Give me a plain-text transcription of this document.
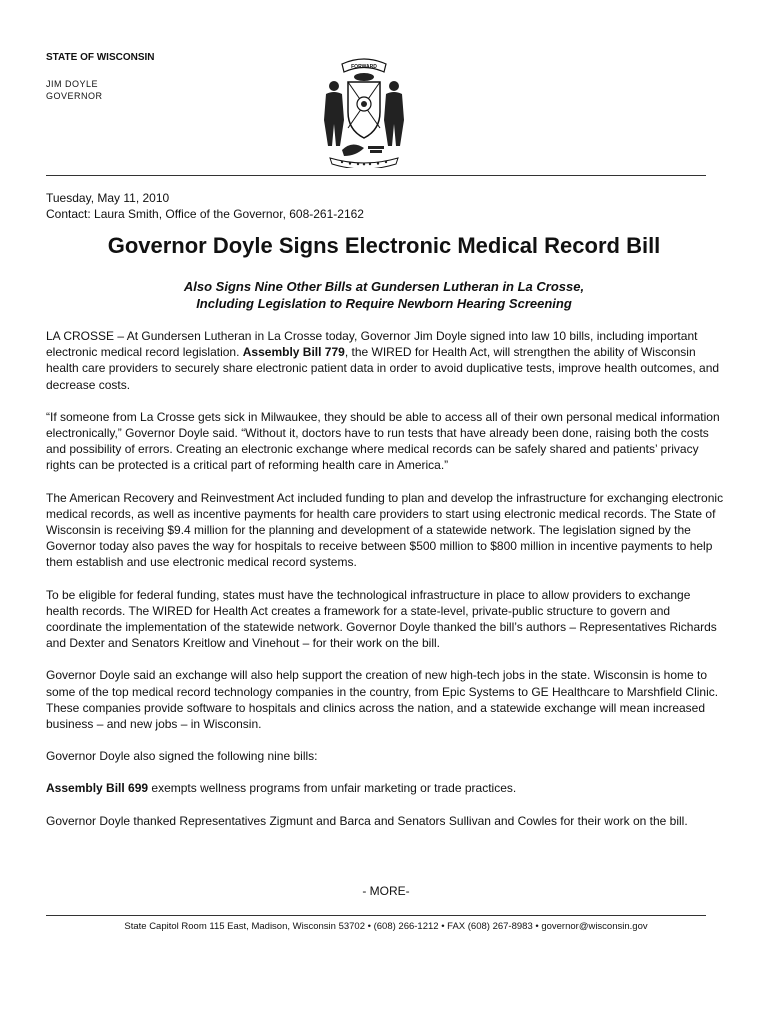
STATE OF WISCONSIN
JIM DOYLE
GOVERNOR
FORWARD
Tuesday, May 11, 2010
Contact: Laura Smith, Office of the Governor, 608-261-2162
Governor Doyle Signs Electronic Medical Record Bill
Also Signs Nine Other Bills at Gundersen Lutheran in La Crosse,
Including Legislation to Require Newborn Hearing Screening

LA CROSSE – At Gundersen Lutheran in La Crosse today, Governor Jim Doyle signed into law 10 bills, including important electronic medical record legislation. Assembly Bill 779, the WIRED for Health Act, will strengthen the ability of Wisconsin health care providers to securely share electronic patient data in order to avoid duplicative tests, improve health outcomes, and decrease costs.

“If someone from La Crosse gets sick in Milwaukee, they should be able to access all of their own personal medical information electronically,” Governor Doyle said. “Without it, doctors have to run tests that have already been done, raising both the costs and possibility of errors. Creating an electronic exchange where medical records can be safely shared and patients’ privacy rights can be protected is a critical part of reforming health care in America.”

The American Recovery and Reinvestment Act included funding to plan and develop the infrastructure for exchanging electronic medical records, as well as incentive payments for health care providers to start using electronic medical records. The State of Wisconsin is receiving $9.4 million for the planning and development of a statewide network. The legislation signed by the Governor today also paves the way for hospitals to receive between $500 million to $800 million in incentive payments to help them establish and use electronic medical record systems.

To be eligible for federal funding, states must have the technological infrastructure in place to allow providers to exchange health records. The WIRED for Health Act creates a framework for a state-level, private-public structure to govern and coordinate the implementation of the statewide network. Governor Doyle thanked the bill’s authors – Representatives Richards and Dexter and Senators Kreitlow and Vinehout – for their work on the bill.

Governor Doyle said an exchange will also help support the creation of new high-tech jobs in the state. Wisconsin is home to some of the top medical record technology companies in the country, from Epic Systems to GE Healthcare to Marshfield Clinic. These companies provide software to hospitals and clinics across the nation, and a statewide exchange will mean increased business – and new jobs – in Wisconsin.

Governor Doyle also signed the following nine bills:

Assembly Bill 699 exempts wellness programs from unfair marketing or trade practices.

Governor Doyle thanked Representatives Zigmunt and Barca and Senators Sullivan and Cowles for their work on the bill.

- MORE-
State Capitol Room 115 East, Madison, Wisconsin 53702 • (608) 266-1212 • FAX (608) 267-8983 • governor@wisconsin.gov
